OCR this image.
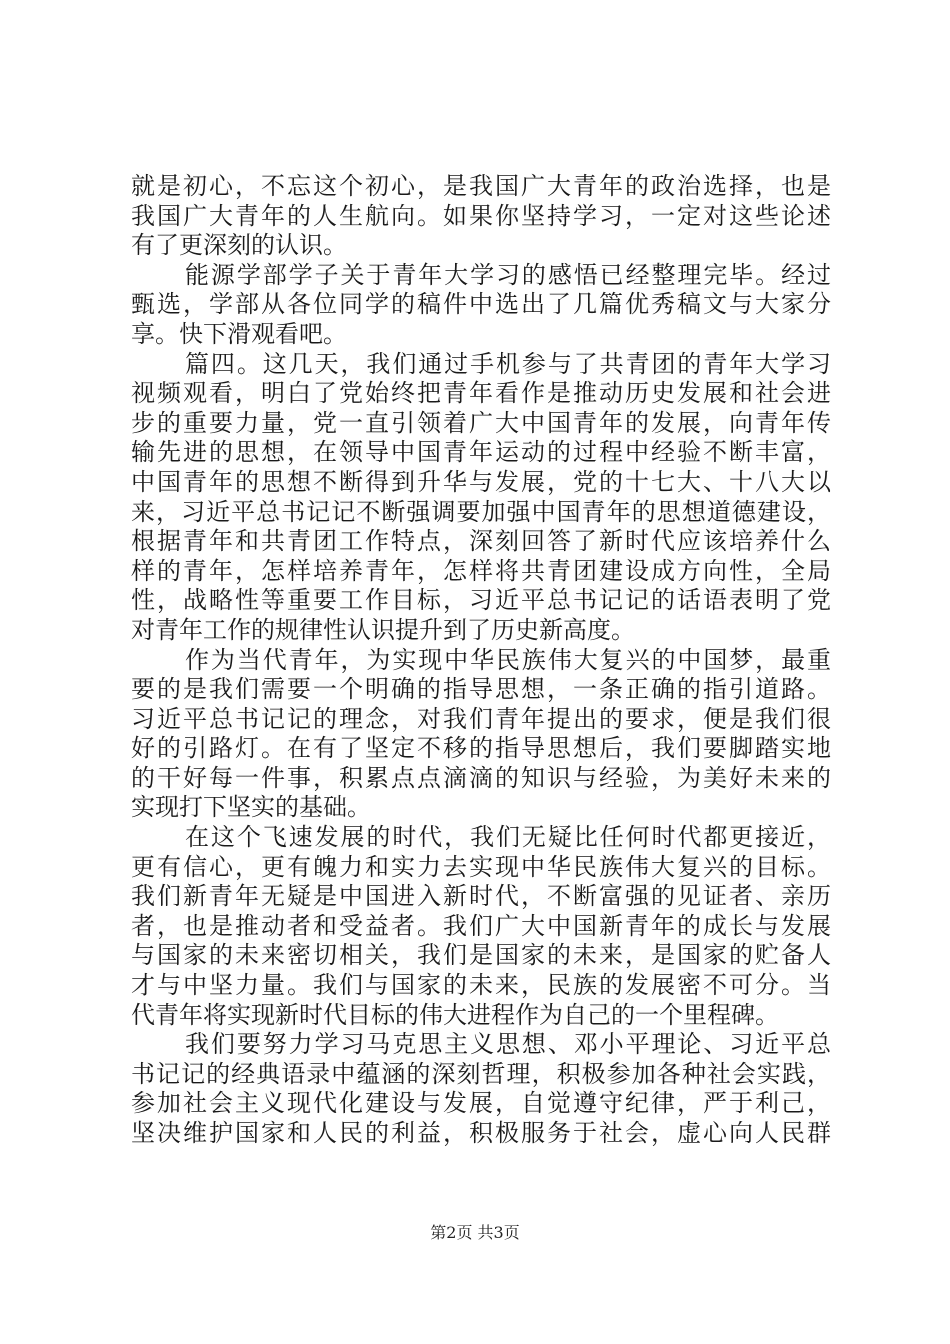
就是初心，不忘这个初心，是我国广大青年的政治选择，也是
我国广大青年的人生航向。如果你坚持学习，一定对这些论述
有了更深刻的认识。
能源学部学子关于青年大学习的感悟已经整理完毕。经过
甄选，学部从各位同学的稿件中选出了几篇优秀稿文与大家分
享。快下滑观看吧。
篇四。这几天，我们通过手机参与了共青团的青年大学习
视频观看，明白了党始终把青年看作是推动历史发展和社会进
步的重要力量，党一直引领着广大中国青年的发展，向青年传
输先进的思想，在领导中国青年运动的过程中经验不断丰富，
中国青年的思想不断得到升华与发展，党的十七大、十八大以
来，习近平总书记记不断强调要加强中国青年的思想道德建设，
根据青年和共青团工作特点，深刻回答了新时代应该培养什么
样的青年，怎样培养青年，怎样将共青团建设成方向性，全局
性，战略性等重要工作目标，习近平总书记记的话语表明了党
对青年工作的规律性认识提升到了历史新高度。
作为当代青年，为实现中华民族伟大复兴的中国梦，最重
要的是我们需要一个明确的指导思想，一条正确的指引道路。
习近平总书记记的理念，对我们青年提出的要求，便是我们很
好的引路灯。在有了坚定不移的指导思想后，我们要脚踏实地
的干好每一件事，积累点点滴滴的知识与经验，为美好未来的
实现打下坚实的基础。
在这个飞速发展的时代，我们无疑比任何时代都更接近，
更有信心，更有魄力和实力去实现中华民族伟大复兴的目标。
我们新青年无疑是中国进入新时代，不断富强的见证者、亲历
者，也是推动者和受益者。我们广大中国新青年的成长与发展
与国家的未来密切相关，我们是国家的未来，是国家的贮备人
才与中坚力量。我们与国家的未来，民族的发展密不可分。当
代青年将实现新时代目标的伟大进程作为自己的一个里程碑。
我们要努力学习马克思主义思想、邓小平理论、习近平总
书记记的经典语录中蕴涵的深刻哲理，积极参加各种社会实践，
参加社会主义现代化建设与发展，自觉遵守纪律，严于利己，
坚决维护国家和人民的利益，积极服务于社会，虚心向人民群
第2页 共3页
